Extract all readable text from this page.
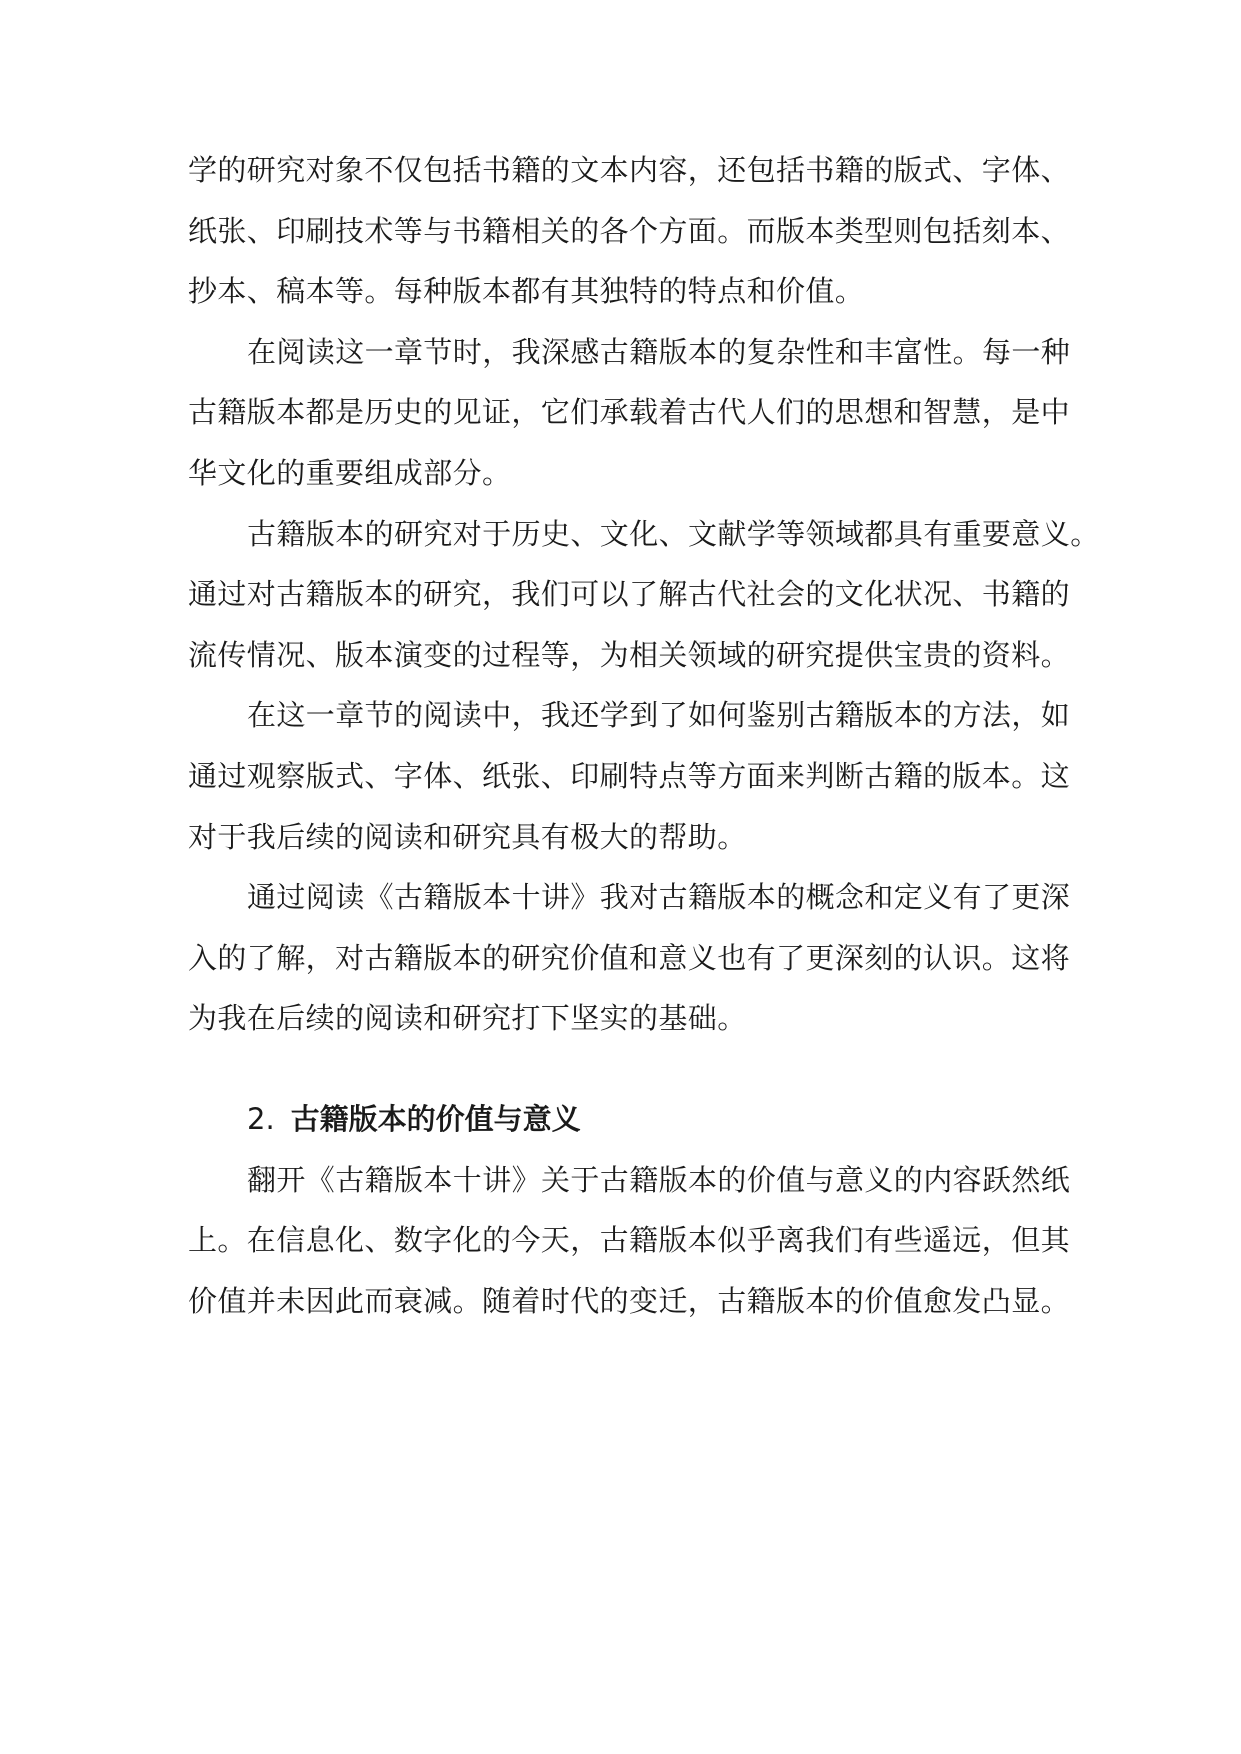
学的研究对象不仅包括书籍的文本内容，还包括书籍的版式、字体、
纸张、印刷技术等与书籍相关的各个方面。而版本类型则包括刻本、
抄本、稿本等。每种版本都有其独特的特点和价值。
在阅读这一章节时，我深感古籍版本的复杂性和丰富性。每一种
古籍版本都是历史的见证，它们承载着古代人们的思想和智慧，是中
华文化的重要组成部分。
古籍版本的研究对于历史、文化、文献学等领域都具有重要意义。
通过对古籍版本的研究，我们可以了解古代社会的文化状况、书籍的
流传情况、版本演变的过程等，为相关领域的研究提供宝贵的资料。
在这一章节的阅读中，我还学到了如何鉴别古籍版本的方法，如
通过观察版式、字体、纸张、印刷特点等方面来判断古籍的版本。这
对于我后续的阅读和研究具有极大的帮助。
通过阅读《古籍版本十讲》我对古籍版本的概念和定义有了更深
入的了解，对古籍版本的研究价值和意义也有了更深刻的认识。这将
为我在后续的阅读和研究打下坚实的基础。
2. 古籍版本的价值与意义
翻开《古籍版本十讲》关于古籍版本的价值与意义的内容跃然纸
上。在信息化、数字化的今天，古籍版本似乎离我们有些遥远，但其
价值并未因此而衰减。随着时代的变迁，古籍版本的价值愈发凸显。
